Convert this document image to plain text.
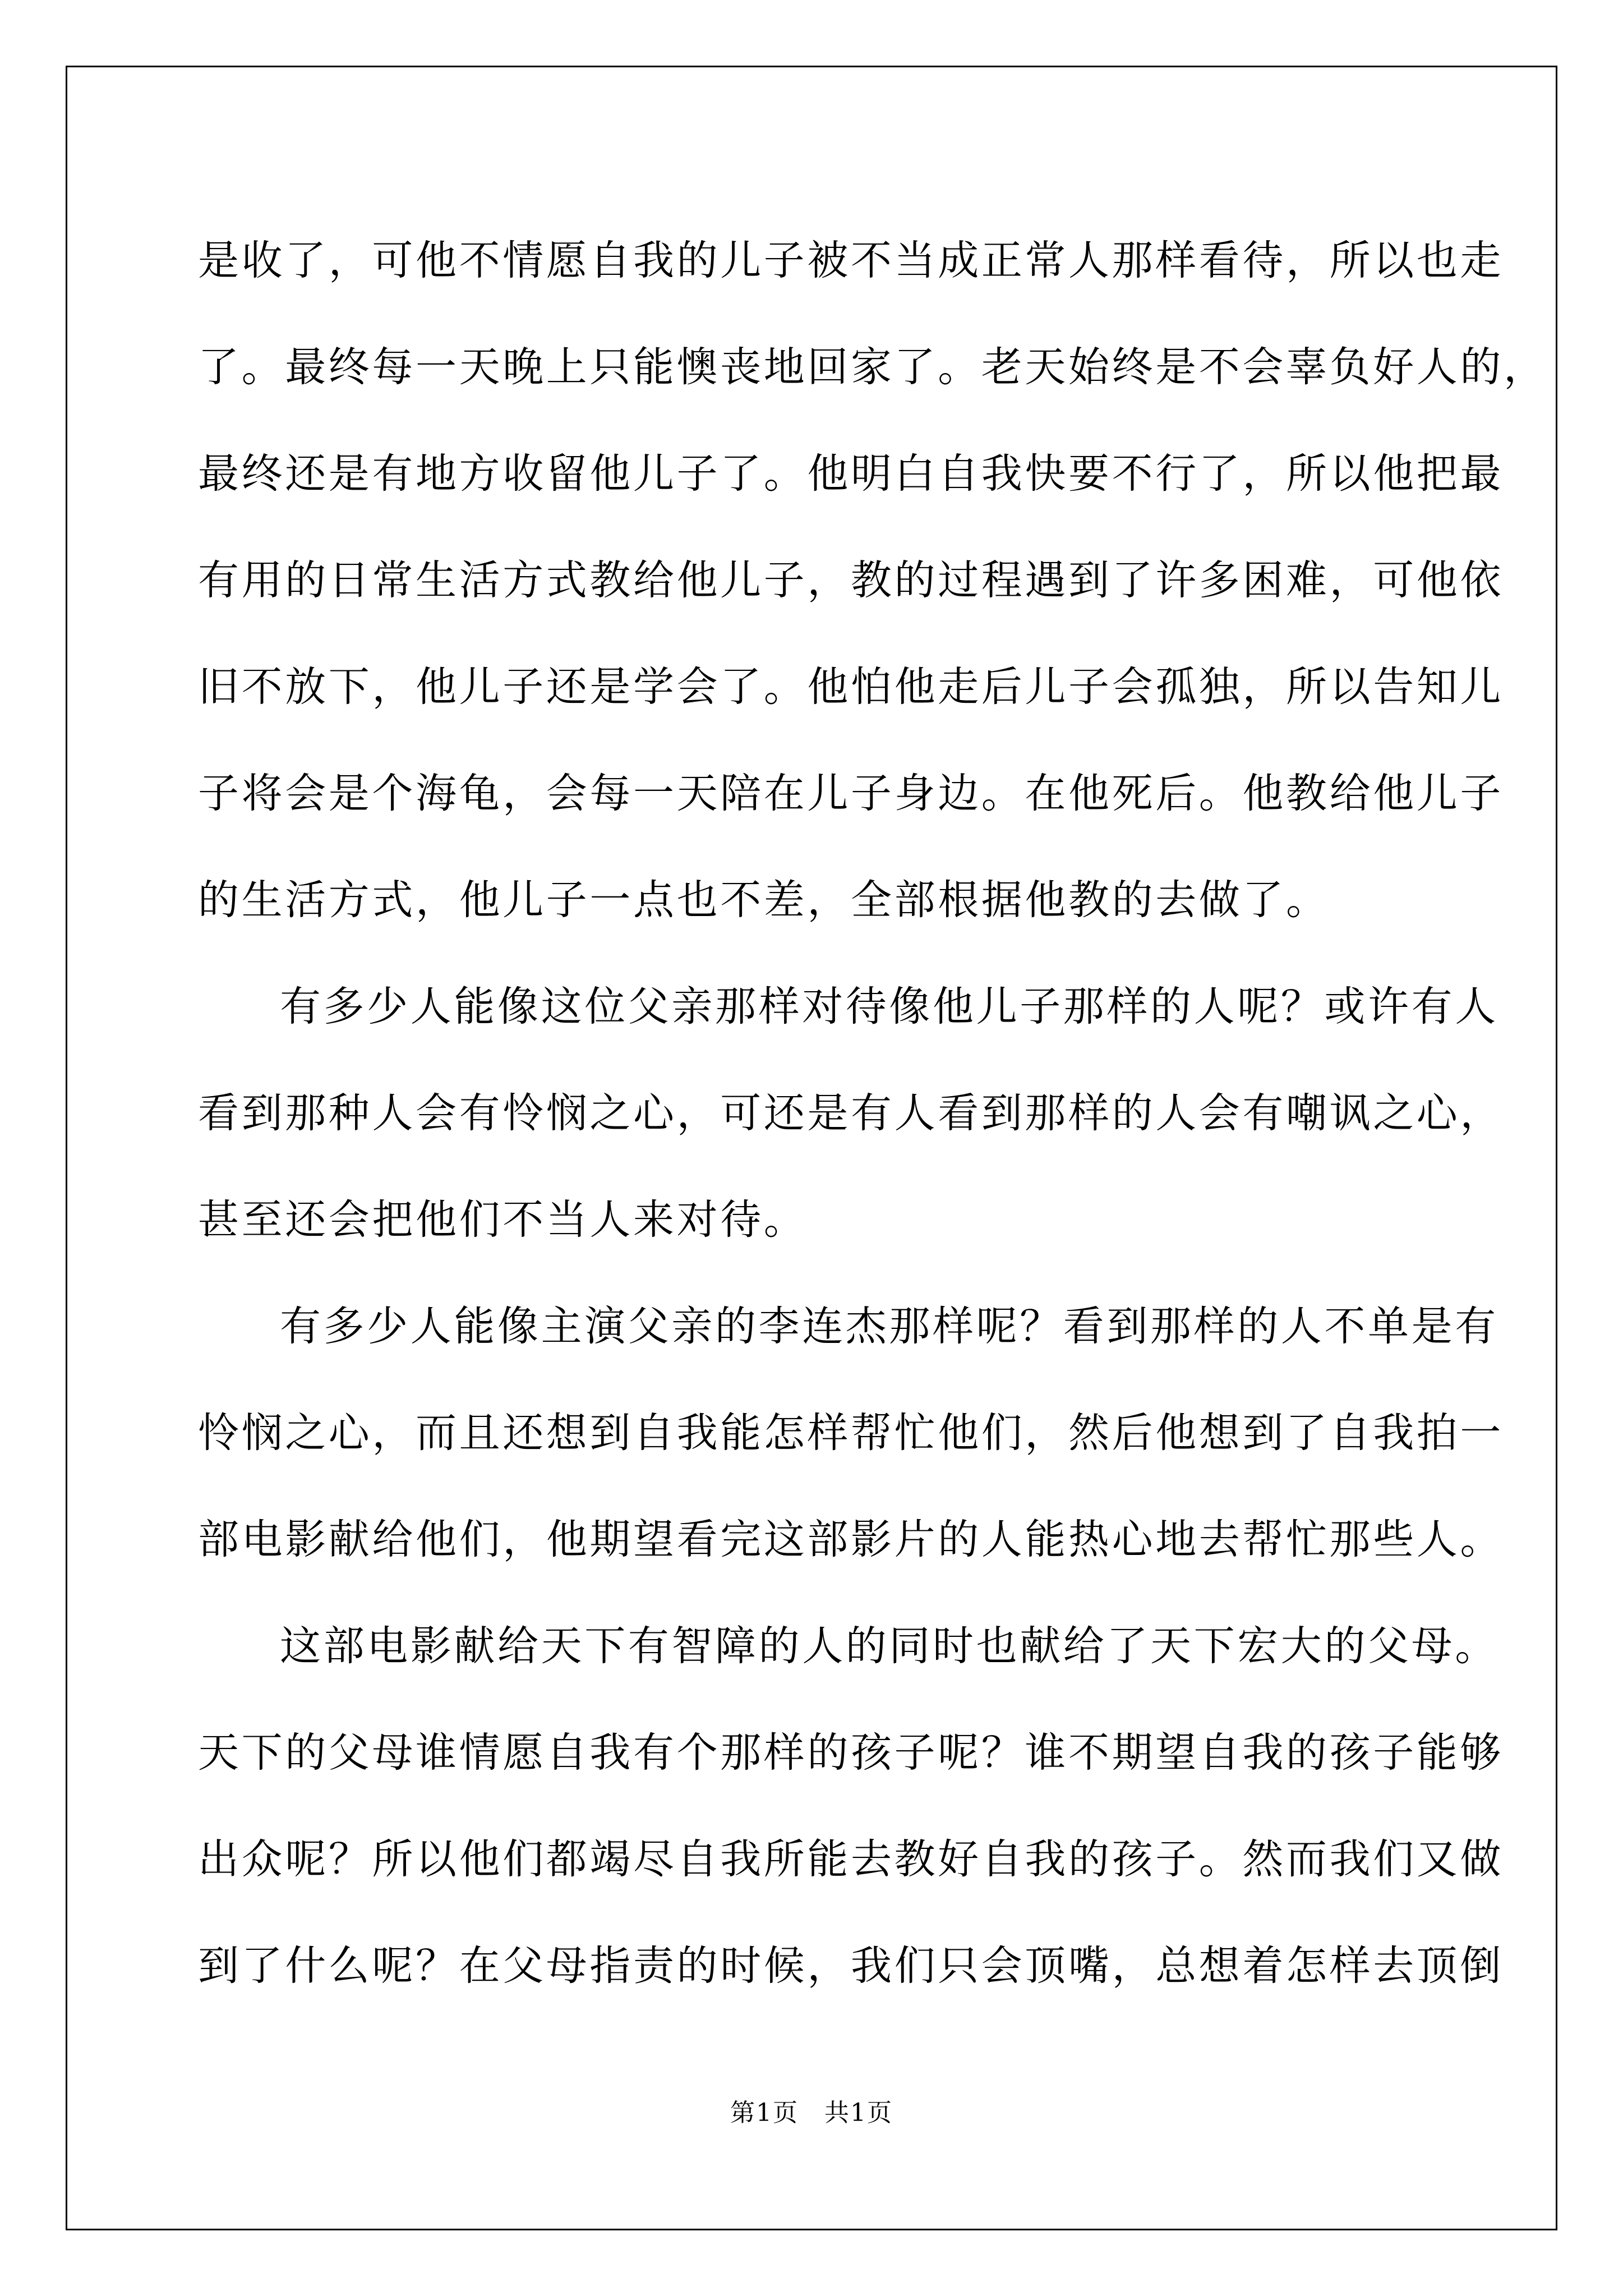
是收了，可他不情愿自我的儿子被不当成正常人那样看待，所以也走
了。最终每一天晚上只能懊丧地回家了。老天始终是不会辜负好人的，
最终还是有地方收留他儿子了。他明白自我快要不行了，所以他把最
有用的日常生活方式教给他儿子，教的过程遇到了许多困难，可他依
旧不放下，他儿子还是学会了。他怕他走后儿子会孤独，所以告知儿
子将会是个海龟，会每一天陪在儿子身边。在他死后。他教给他儿子
的生活方式，他儿子一点也不差，全部根据他教的去做了。
有多少人能像这位父亲那样对待像他儿子那样的人呢？或许有人
看到那种人会有怜悯之心，可还是有人看到那样的人会有嘲讽之心，
甚至还会把他们不当人来对待。
有多少人能像主演父亲的李连杰那样呢？看到那样的人不单是有
怜悯之心，而且还想到自我能怎样帮忙他们，然后他想到了自我拍一
部电影献给他们，他期望看完这部影片的人能热心地去帮忙那些人。
这部电影献给天下有智障的人的同时也献给了天下宏大的父母。
天下的父母谁情愿自我有个那样的孩子呢？谁不期望自我的孩子能够
出众呢？所以他们都竭尽自我所能去教好自我的孩子。然而我们又做
到了什么呢？在父母指责的时候，我们只会顶嘴，总想着怎样去顶倒
第1页　共1页
